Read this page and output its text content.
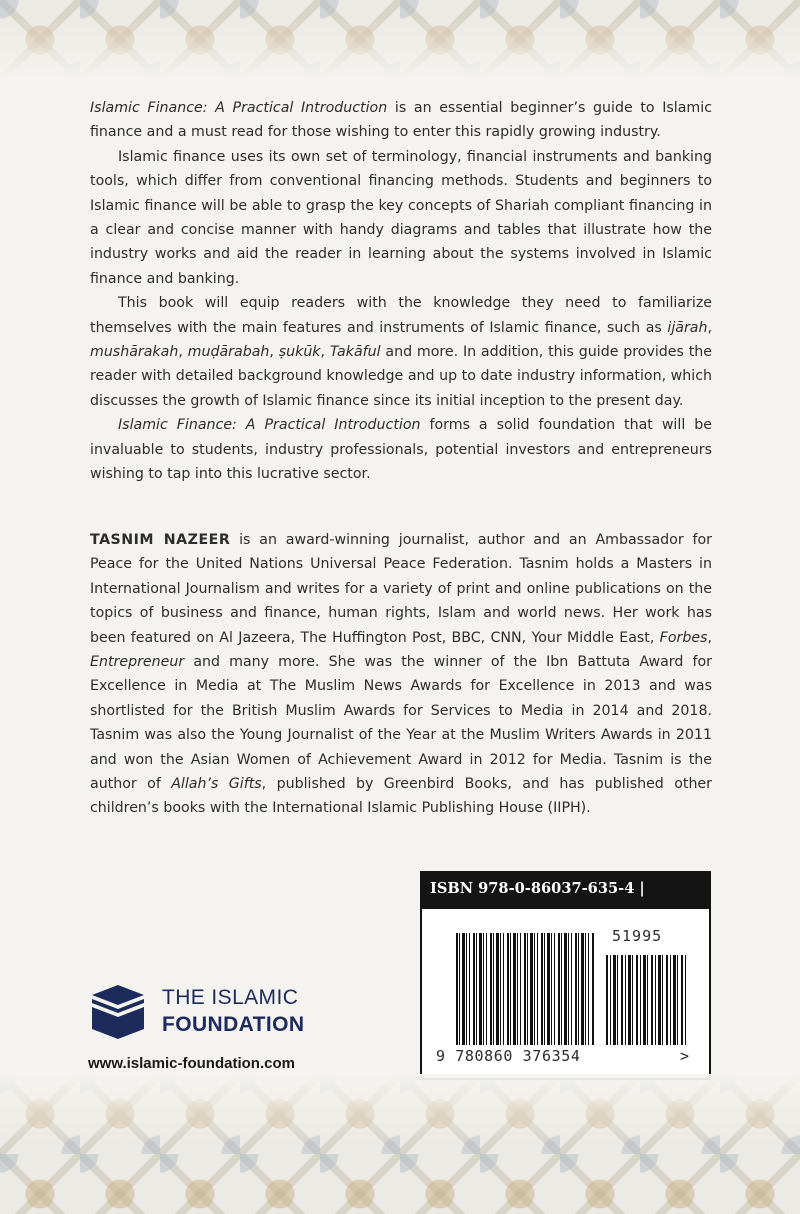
Islamic Finance: A Practical Introduction is an essential beginner’s guide to Islamic finance and a must read for those wishing to enter this rapidly growing industry.

Islamic finance uses its own set of terminology, financial instruments and banking tools, which differ from conventional financing methods. Students and beginners to Islamic finance will be able to grasp the key concepts of Shariah compliant financing in a clear and concise manner with handy diagrams and tables that illustrate how the industry works and aid the reader in learning about the systems involved in Islamic finance and banking.

This book will equip readers with the knowledge they need to familiarize themselves with the main features and instruments of Islamic finance, such as ijārah, mushārakah, muḍārabah, ṣukūk, Takāful and more. In addition, this guide provides the reader with detailed background knowledge and up to date industry information, which discusses the growth of Islamic finance since its initial inception to the present day.

Islamic Finance: A Practical Introduction forms a solid foundation that will be invaluable to students, industry professionals, potential investors and entrepreneurs wishing to tap into this lucrative sector.

TASNIM NAZEER is an award-winning journalist, author and an Ambassador for Peace for the United Nations Universal Peace Federation. Tasnim holds a Masters in International Journalism and writes for a variety of print and online publications on the topics of business and finance, human rights, Islam and world news. Her work has been featured on Al Jazeera, The Huffington Post, BBC, CNN, Your Middle East, Forbes, Entrepreneur and many more. She was the winner of the Ibn Battuta Award for Excellence in Media at The Muslim News Awards for Excellence in 2013 and was shortlisted for the British Muslim Awards for Services to Media in 2014 and 2018. Tasnim was also the Young Journalist of the Year at the Muslim Writers Awards in 2011 and won the Asian Women of Achievement Award in 2012 for Media. Tasnim is the author of Allah’s Gifts, published by Greenbird Books, and has published other children’s books with the International Islamic Publishing House (IIPH).
ISBN 978-0-86037-635-4 |
51995
9 780860 376354	>
THE ISLAMIC
FOUNDATION
www.islamic-foundation.com
